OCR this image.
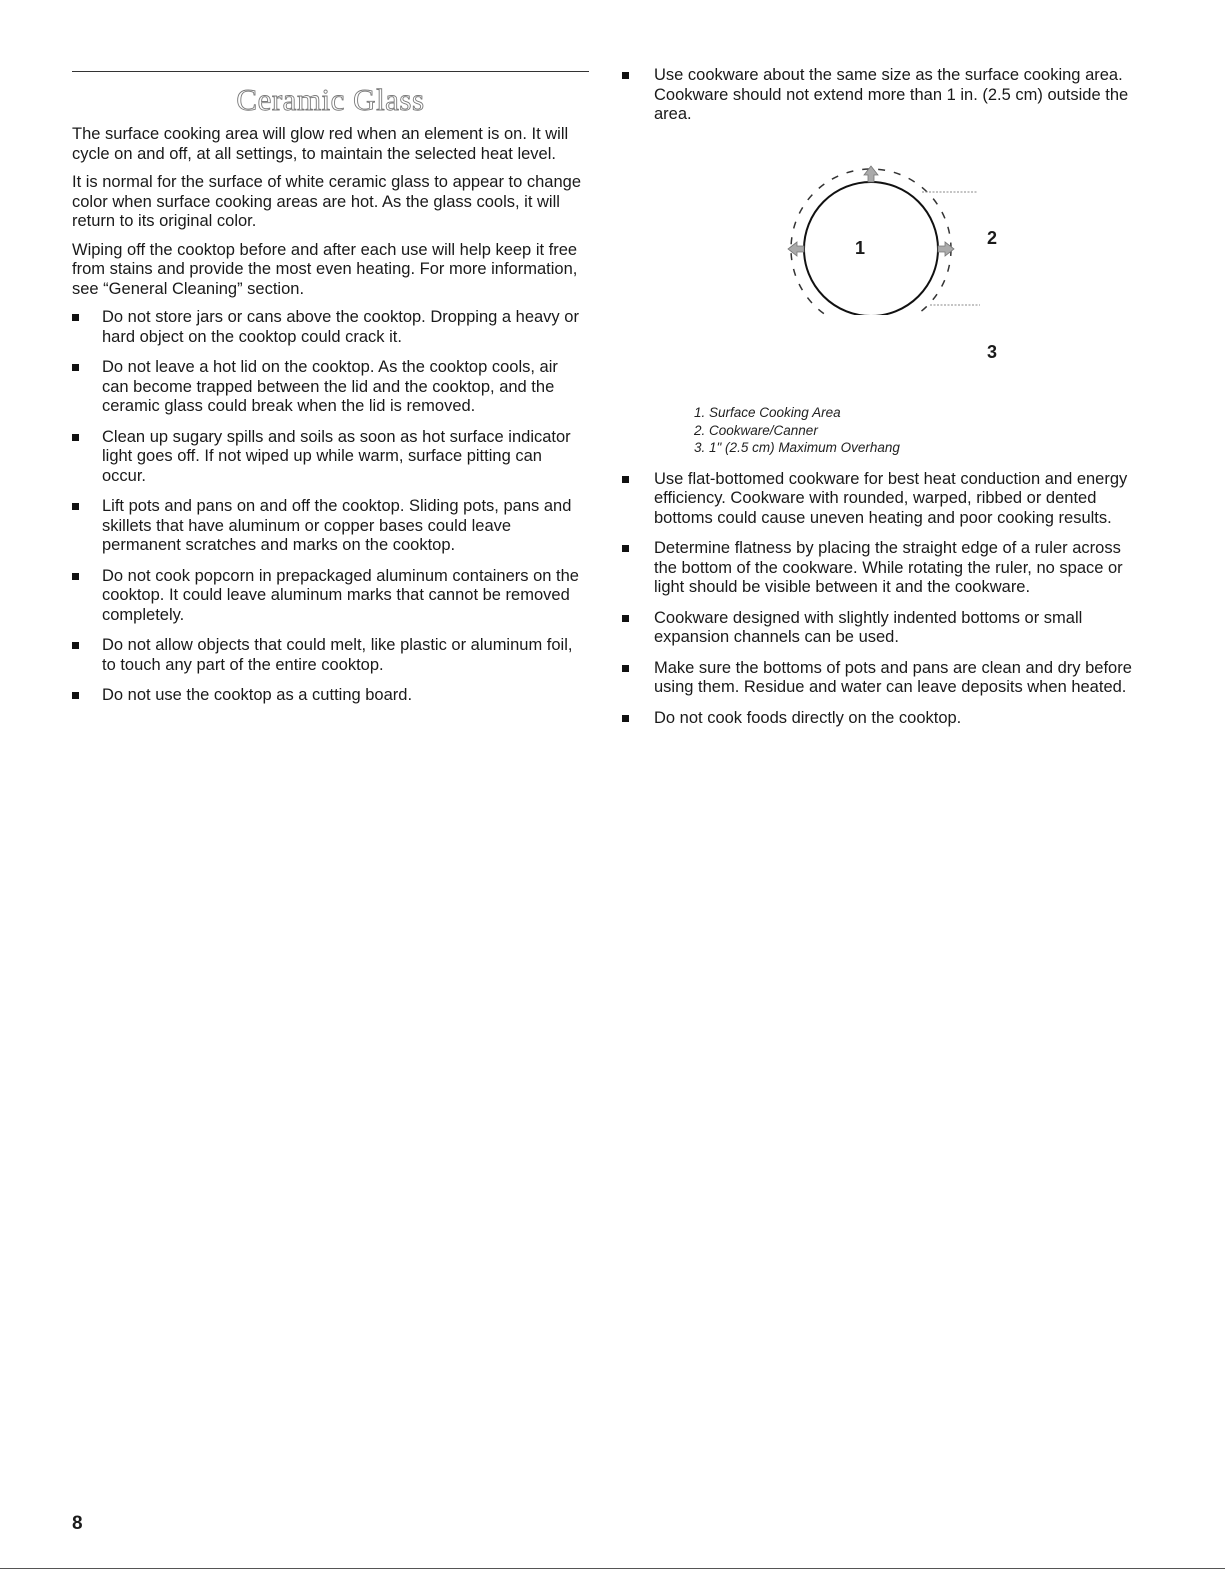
Ceramic Glass

The surface cooking area will glow red when an element is on. It will cycle on and off, at all settings, to maintain the selected heat level.

It is normal for the surface of white ceramic glass to appear to change color when surface cooking areas are hot. As the glass cools, it will return to its original color.

Wiping off the cooktop before and after each use will help keep it free from stains and provide the most even heating. For more information, see “General Cleaning” section.

Do not store jars or cans above the cooktop. Dropping a heavy or hard object on the cooktop could crack it.
Do not leave a hot lid on the cooktop. As the cooktop cools, air can become trapped between the lid and the cooktop, and the ceramic glass could break when the lid is removed.
Clean up sugary spills and soils as soon as hot surface indicator light goes off. If not wiped up while warm, surface pitting can occur.
Lift pots and pans on and off the cooktop. Sliding pots, pans and skillets that have aluminum or copper bases could leave permanent scratches and marks on the cooktop.
Do not cook popcorn in prepackaged aluminum containers on the cooktop. It could leave aluminum marks that cannot be removed completely.
Do not allow objects that could melt, like plastic or aluminum foil, to touch any part of the entire cooktop.
Do not use the cooktop as a cutting board.
Use cookware about the same size as the surface cooking area. Cookware should not extend more than 1 in. (2.5 cm) outside the area.
1	2
3
1. Surface Cooking Area
2. Cookware/Canner
3. 1" (2.5 cm) Maximum Overhang
Use flat-bottomed cookware for best heat conduction and energy efficiency. Cookware with rounded, warped, ribbed or dented bottoms could cause uneven heating and poor cooking results.
Determine flatness by placing the straight edge of a ruler across the bottom of the cookware. While rotating the ruler, no space or light should be visible between it and the cookware.
Cookware designed with slightly indented bottoms or small expansion channels can be used.
Make sure the bottoms of pots and pans are clean and dry before using them. Residue and water can leave deposits when heated.
Do not cook foods directly on the cooktop.
8
